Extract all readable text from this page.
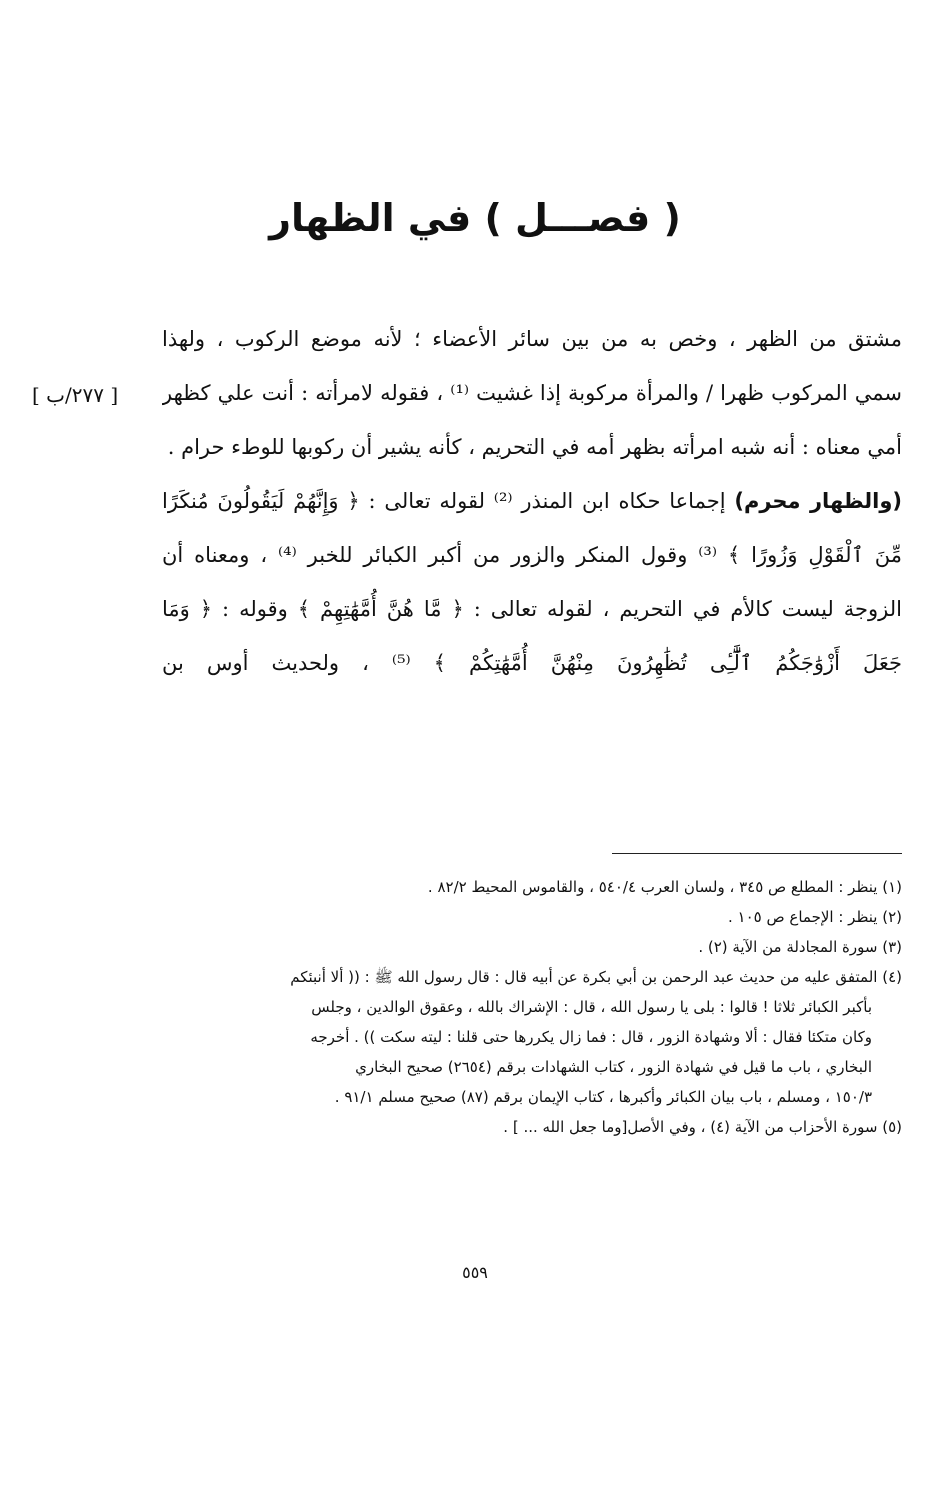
( فصـــل ) في الظهار
[ ٢٧٧/ب ]
مشتق من الظهر ، وخص به من بين سائر الأعضاء ؛ لأنه موضع الركوب ، ولهذا
سمي المركوب ظهرا / والمرأة مركوبة إذا غشيت ⁽¹⁾ ، فقوله لامرأته : أنت علي كظهر
أمي معناه : أنه شبه امرأته بظهر أمه في التحريم ، كأنه يشير أن ركوبها للوطء حرام .
(والظهار محرم) إجماعا حكاه ابن المنذر ⁽²⁾ لقوله تعالى : ﴿ وَإِنَّهُمْ لَيَقُولُونَ مُنكَرًا
مِّنَ ٱلْقَوْلِ وَزُورًا ﴾ ⁽³⁾ وقول المنكر والزور من أكبر الكبائر للخبر ⁽⁴⁾ ، ومعناه أن
الزوجة ليست كالأم في التحريم ، لقوله تعالى : ﴿ مَّا هُنَّ أُمَّهَٰتِهِمْ ﴾ وقوله : ﴿ وَمَا
جَعَلَ أَزْوَٰجَكُمُ ٱلَّٰٓـِٔى تُظَٰهِرُونَ مِنْهُنَّ أُمَّهَٰتِكُمْ ﴾ ⁽⁵⁾ ، ولحديث أوس بن
(١) ينظر : المطلع ص ٣٤٥ ، ولسان العرب ٥٤٠/٤ ، والقاموس المحيط ٨٢/٢ .
(٢) ينظر : الإجماع ص ١٠٥ .
(٣) سورة المجادلة من الآية (٢) .
(٤) المتفق عليه من حديث عبد الرحمن بن أبي بكرة عن أبيه قال : قال رسول الله ﷺ : (( ألا أنبئكم
بأكبر الكبائر ثلاثا ! قالوا : بلى يا رسول الله ، قال : الإشراك بالله ، وعقوق الوالدين ، وجلس
وكان متكئا فقال : ألا وشهادة الزور ، قال : فما زال يكررها حتى قلنا : ليته سكت )) . أخرجه
البخاري ، باب ما قيل في شهادة الزور ، كتاب الشهادات برقم (٢٦٥٤) صحيح البخاري
١٥٠/٣ ، ومسلم ، باب بيان الكبائر وأكبرها ، كتاب الإيمان برقم (٨٧) صحيح مسلم ٩١/١ .
(٥) سورة الأحزاب من الآية (٤) ، وفي الأصل[وما جعل الله ... ] .
٥٥٩
